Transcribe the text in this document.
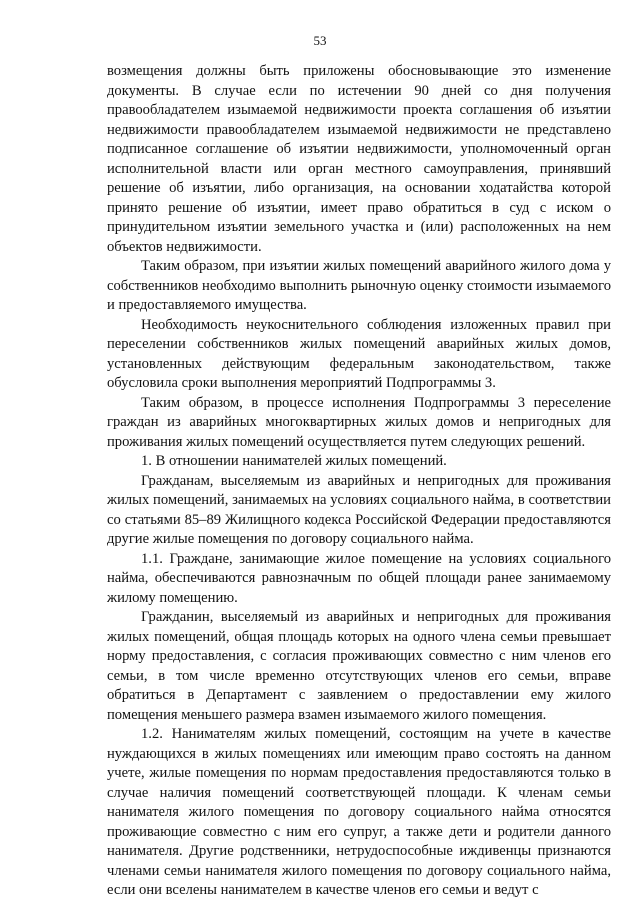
53

возмещения должны быть приложены обосновывающие это изменение документы. В случае если по истечении 90 дней со дня получения правообладателем изымаемой недвижимости проекта соглашения об изъятии недвижимости правообладателем изымаемой недвижимости не представлено подписанное соглашение об изъятии недвижимости, уполномоченный орган исполнительной власти или орган местного самоуправления, принявший решение об изъятии, либо организация, на основании ходатайства которой принято решение об изъятии, имеет право обратиться в суд с иском о принудительном изъятии земельного участка и (или) расположенных на нем объектов недвижимости.

Таким образом, при изъятии жилых помещений аварийного жилого дома у собственников необходимо выполнить рыночную оценку стоимости изымаемого и предоставляемого имущества.

Необходимость неукоснительного соблюдения изложенных правил при переселении собственников жилых помещений аварийных жилых домов, установленных действующим федеральным законодательством, также обусловила сроки выполнения мероприятий Подпрограммы 3.

Таким образом, в процессе исполнения Подпрограммы 3 переселение граждан из аварийных многоквартирных жилых домов и непригодных для проживания жилых помещений осуществляется путем следующих решений.

1. В отношении нанимателей жилых помещений.

Гражданам, выселяемым из аварийных и непригодных для проживания жилых помещений, занимаемых на условиях социального найма, в соответствии со статьями 85–89 Жилищного кодекса Российской Федерации предоставляются другие жилые помещения по договору социального найма.

1.1. Граждане, занимающие жилое помещение на условиях социального найма, обеспечиваются равнозначным по общей площади ранее занимаемому жилому помещению.

Гражданин, выселяемый из аварийных и непригодных для проживания жилых помещений, общая площадь которых на одного члена семьи превышает норму предоставления, с согласия проживающих совместно с ним членов его семьи, в том числе временно отсутствующих членов его семьи, вправе обратиться в Департамент с заявлением о предоставлении ему жилого помещения меньшего размера взамен изымаемого жилого помещения.

1.2. Нанимателям жилых помещений, состоящим на учете в качестве нуждающихся в жилых помещениях или имеющим право состоять на данном учете, жилые помещения по нормам предоставления предоставляются только в случае наличия помещений соответствующей площади. К членам семьи нанимателя жилого помещения по договору социального найма относятся проживающие совместно с ним его супруг, а также дети и родители данного нанимателя. Другие родственники, нетрудоспособные иждивенцы признаются членами семьи нанимателя жилого помещения по договору социального найма, если они вселены нанимателем в качестве членов его семьи и ведут с
